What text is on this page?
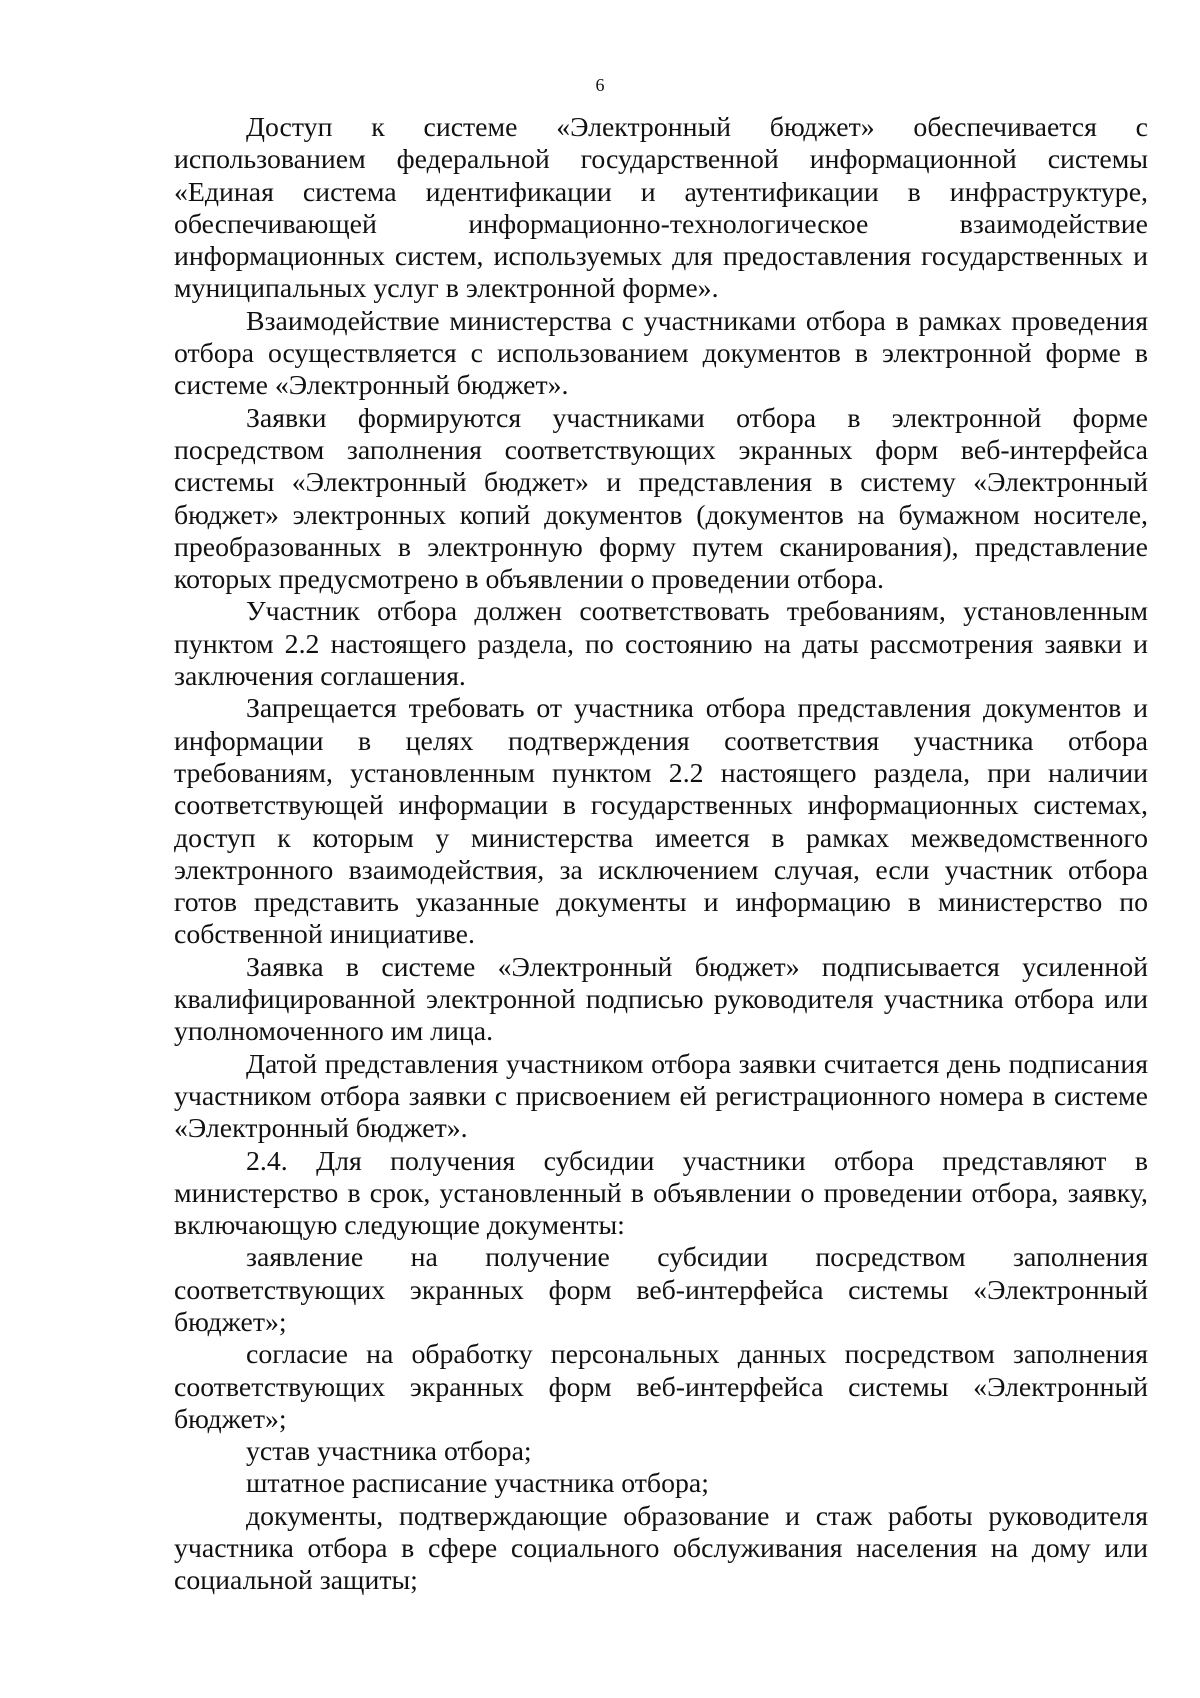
6

Доступ к системе «Электронный бюджет» обеспечивается с использованием федеральной государственной информационной системы «Единая система идентификации и аутентификации в инфраструктуре, обеспечивающей информационно-технологическое взаимодействие информационных систем, используемых для предоставления государственных и муниципальных услуг в электронной форме».

Взаимодействие министерства с участниками отбора в рамках проведения отбора осуществляется с использованием документов в электронной форме в системе «Электронный бюджет».

Заявки формируются участниками отбора в электронной форме посредством заполнения соответствующих экранных форм веб-интерфейса системы «Электронный бюджет» и представления в систему «Электронный бюджет» электронных копий документов (документов на бумажном носителе, преобразованных в электронную форму путем сканирования), представление которых предусмотрено в объявлении о проведении отбора.

Участник отбора должен соответствовать требованиям, установленным пунктом 2.2 настоящего раздела, по состоянию на даты рассмотрения заявки и заключения соглашения.

Запрещается требовать от участника отбора представления документов и информации в целях подтверждения соответствия участника отбора требованиям, установленным пунктом 2.2 настоящего раздела, при наличии соответствующей информации в государственных информационных системах, доступ к которым у министерства имеется в рамках межведомственного электронного взаимодействия, за исключением случая, если участник отбора готов представить указанные документы и информацию в министерство по собственной инициативе.

Заявка в системе «Электронный бюджет» подписывается усиленной квалифицированной электронной подписью руководителя участника отбора или уполномоченного им лица.

Датой представления участником отбора заявки считается день подписания участником отбора заявки с присвоением ей регистрационного номера в системе «Электронный бюджет».

2.4. Для получения субсидии участники отбора представляют в министерство в срок, установленный в объявлении о проведении отбора, заявку, включающую следующие документы:

заявление на получение субсидии посредством заполнения соответствующих экранных форм веб-интерфейса системы «Электронный бюджет»;

согласие на обработку персональных данных посредством заполнения соответствующих экранных форм веб-интерфейса системы «Электронный бюджет»;

устав участника отбора;

штатное расписание участника отбора;

документы, подтверждающие образование и стаж работы руководителя участника отбора в сфере социального обслуживания населения на дому или социальной защиты;
